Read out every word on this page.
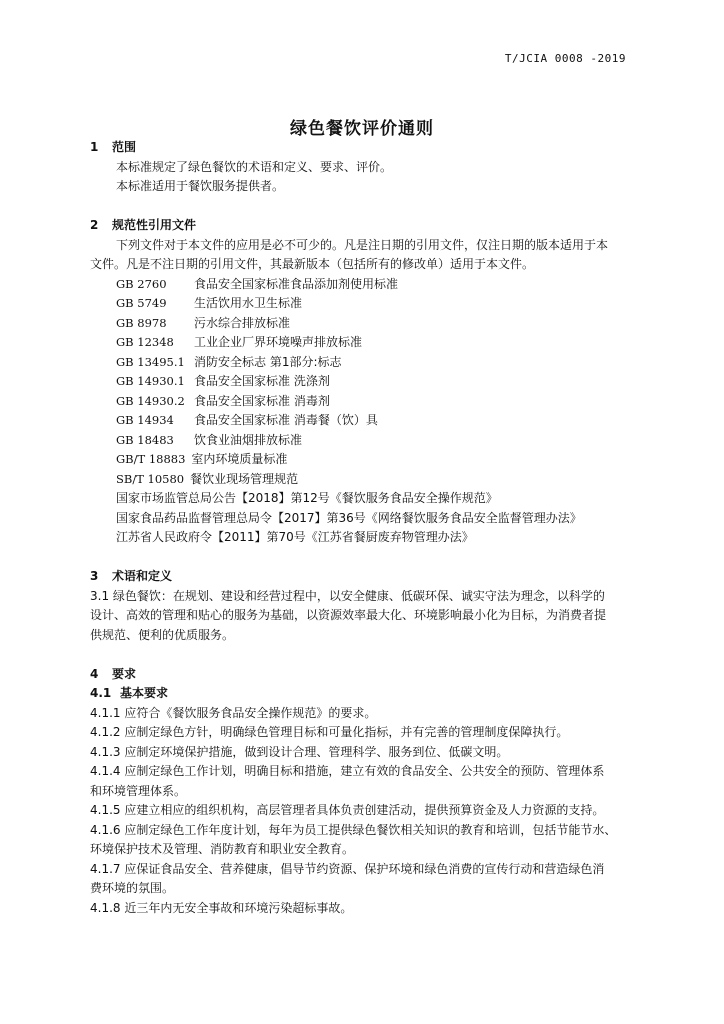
T/JCIA 0008 -2019
绿色餐饮评价通则
1 范围
本标准规定了绿色餐饮的术语和定义、要求、评价。
本标准适用于餐饮服务提供者。
2 规范性引用文件
下列文件对于本文件的应用是必不可少的。凡是注日期的引用文件，仅注日期的版本适用于本
文件。凡是不注日期的引用文件，其最新版本（包括所有的修改单）适用于本文件。
GB 2760 食品安全国家标准食品添加剂使用标准
GB 5749 生活饮用水卫生标准
GB 8978 污水综合排放标准
GB 12348 工业企业厂界环境噪声排放标准
GB 13495.1 消防安全标志 第1部分:标志
GB 14930.1 食品安全国家标准 洗涤剂
GB 14930.2 食品安全国家标准 消毒剂
GB 14934 食品安全国家标准 消毒餐（饮）具
GB 18483 饮食业油烟排放标准
GB/T 18883 室内环境质量标准
SB/T 10580 餐饮业现场管理规范
国家市场监管总局公告【2018】第12号《餐饮服务食品安全操作规范》
国家食品药品监督管理总局令【2017】第36号《网络餐饮服务食品安全监督管理办法》
江苏省人民政府令【2011】第70号《江苏省餐厨废弃物管理办法》
3 术语和定义
3.1 绿色餐饮：在规划、建设和经营过程中，以安全健康、低碳环保、诚实守法为理念，以科学的
设计、高效的管理和贴心的服务为基础，以资源效率最大化、环境影响最小化为目标，为消费者提
供规范、便利的优质服务。
4 要求
4.1 基本要求
4.1.1 应符合《餐饮服务食品安全操作规范》的要求。
4.1.2 应制定绿色方针，明确绿色管理目标和可量化指标，并有完善的管理制度保障执行。
4.1.3 应制定环境保护措施，做到设计合理、管理科学、服务到位、低碳文明。
4.1.4 应制定绿色工作计划，明确目标和措施，建立有效的食品安全、公共安全的预防、管理体系
和环境管理体系。
4.1.5 应建立相应的组织机构，高层管理者具体负责创建活动，提供预算资金及人力资源的支持。
4.1.6 应制定绿色工作年度计划，每年为员工提供绿色餐饮相关知识的教育和培训，包括节能节水、
环境保护技术及管理、消防教育和职业安全教育。
4.1.7 应保证食品安全、营养健康，倡导节约资源、保护环境和绿色消费的宣传行动和营造绿色消
费环境的氛围。
4.1.8 近三年内无安全事故和环境污染超标事故。
